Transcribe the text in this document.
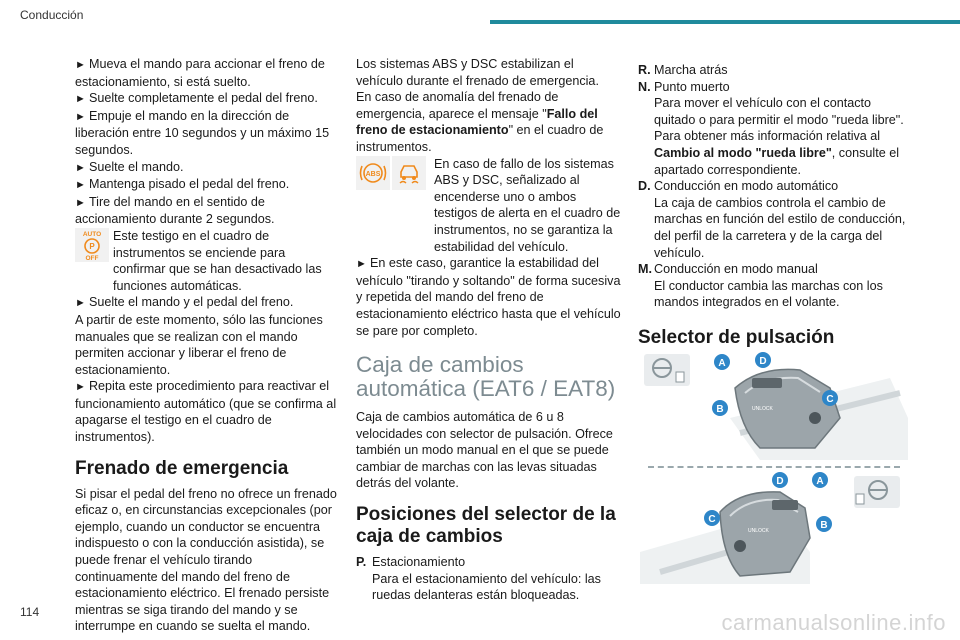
Conducción

► Mueva el mando para accionar el freno de estacionamiento, si está suelto.

► Suelte completamente el pedal del freno.

► Empuje el mando en la dirección de liberación entre 10 segundos y un máximo 15 segundos.

► Suelte el mando.

► Mantenga pisado el pedal del freno.

► Tire del mando en el sentido de accionamiento durante 2 segundos.

AUTO
P
OFF

Este testigo en el cuadro de instrumentos se enciende para confirmar que se han desactivado las funciones automáticas.

► Suelte el mando y el pedal del freno.

A partir de este momento, sólo las funciones manuales que se realizan con el mando permiten accionar y liberar el freno de estacionamiento.

► Repita este procedimiento para reactivar el funcionamiento automático (que se confirma al apagarse el testigo en el cuadro de instrumentos).

Frenado de emergencia

Si pisar el pedal del freno no ofrece un frenado eficaz o, en circunstancias excepcionales (por ejemplo, cuando un conductor se encuentra indispuesto o con la conducción asistida), se puede frenar el vehículo tirando continuamente del mando del freno de estacionamiento eléctrico. El frenado persiste mientras se siga tirando del mando y se interrumpe en cuando se suelta el mando.

Los sistemas ABS y DSC estabilizan el vehículo durante el frenado de emergencia.

En caso de anomalía del frenado de emergencia, aparece el mensaje "Fallo del freno de estacionamiento" en el cuadro de instrumentos.

ABS

En caso de fallo de los sistemas ABS y DSC, señalizado al encenderse uno o ambos testigos de alerta en el cuadro de instrumentos, no se garantiza la estabilidad del vehículo.

► En este caso, garantice la estabilidad del vehículo "tirando y soltando" de forma sucesiva y repetida del mando del freno de estacionamiento eléctrico hasta que el vehículo se pare por completo.

Caja de cambios automática (EAT6 / EAT8)

Caja de cambios automática de 6 u 8 velocidades con selector de pulsación. Ofrece también un modo manual en el que se puede cambiar de marchas con las levas situadas detrás del volante.

Posiciones del selector de la caja de cambios
P. Estacionamiento

Para el estacionamiento del vehículo: las ruedas delanteras están bloqueadas.

R. Marcha atrás

N. Punto muerto

Para mover el vehículo con el contacto quitado o para permitir el modo "rueda libre".

Para obtener más información relativa al Cambio al modo "rueda libre", consulte el apartado correspondiente.

D. Conducción en modo automático

La caja de cambios controla el cambio de marchas en función del estilo de conducción, del perfil de la carretera y de la carga del vehículo.

M. Conducción en modo manual

El conductor cambia las marchas con los mandos integrados en el volante.

Selector de pulsación
UNLOCK
A	D
C
B
UNLOCK
D	A
C
B
114	carmanualsonline.info
